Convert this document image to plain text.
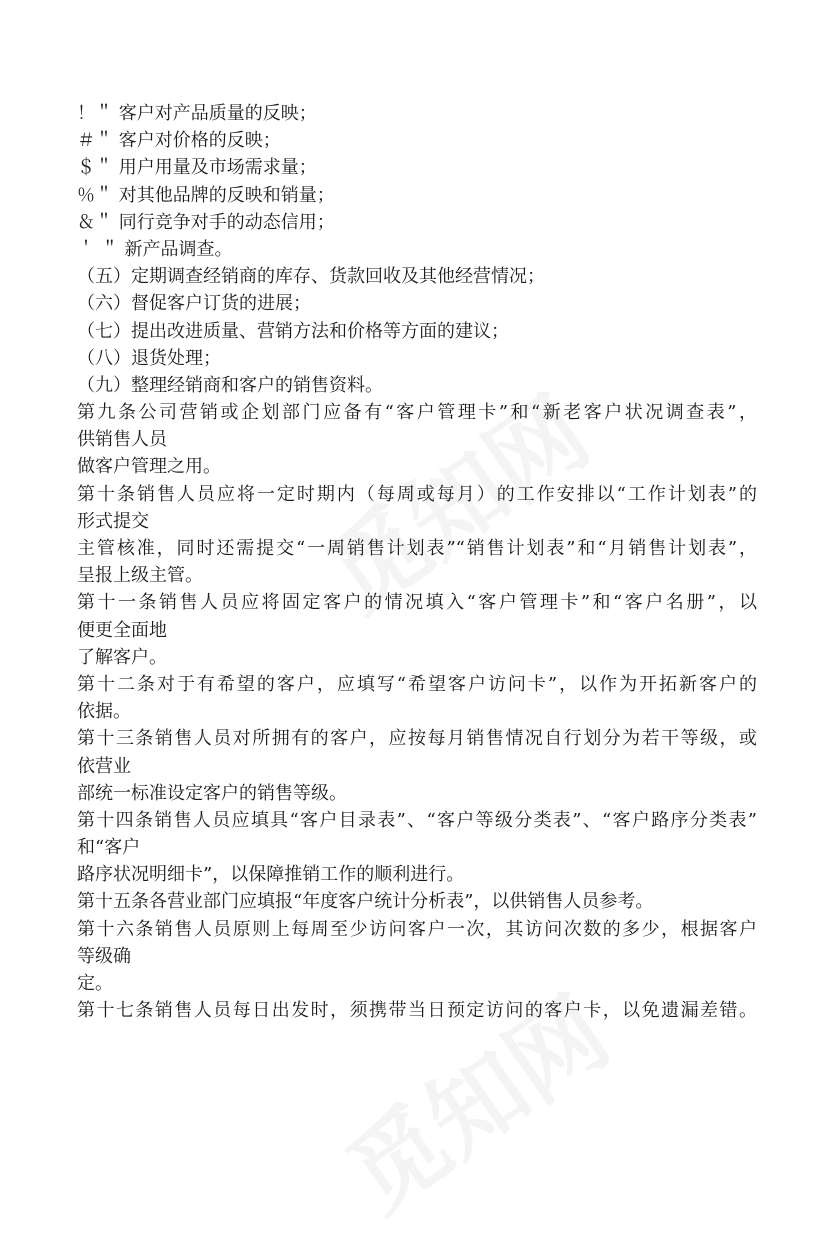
！＂ 客户对产品质量的反映；
＃＂ 客户对价格的反映；
＄＂ 用户用量及市场需求量；
％＂ 对其他品牌的反映和销量；
＆＂ 同行竞争对手的动态信用；
＇ ＂ 新产品调查。
（五）定期调查经销商的库存、货款回收及其他经营情况；
（六）督促客户订货的进展；
（七）提出改进质量、营销方法和价格等方面的建议；
（八）退货处理；
（九）整理经销商和客户的销售资料。
第九条公司营销或企划部门应备有“客户管理卡”和“新老客户状况调查表”，
供销售人员
做客户管理之用。
第十条销售人员应将一定时期内（每周或每月）的工作安排以“工作计划表”的
形式提交
主管核准，同时还需提交“一周销售计划表”“销售计划表”和“月销售计划表”，
呈报上级主管。
第十一条销售人员应将固定客户的情况填入“客户管理卡”和“客户名册”，以
便更全面地
了解客户。
第十二条对于有希望的客户，应填写“希望客户访问卡”，以作为开拓新客户的
依据。
第十三条销售人员对所拥有的客户，应按每月销售情况自行划分为若干等级，或
依营业
部统一标准设定客户的销售等级。
第十四条销售人员应填具“客户目录表”、“客户等级分类表”、“客户路序分类表”
和“客户
路序状况明细卡”，以保障推销工作的顺利进行。
第十五条各营业部门应填报“年度客户统计分析表”，以供销售人员参考。
第十六条销售人员原则上每周至少访问客户一次，其访问次数的多少，根据客户
等级确
定。
第十七条销售人员每日出发时，须携带当日预定访问的客户卡，以免遗漏差错。
